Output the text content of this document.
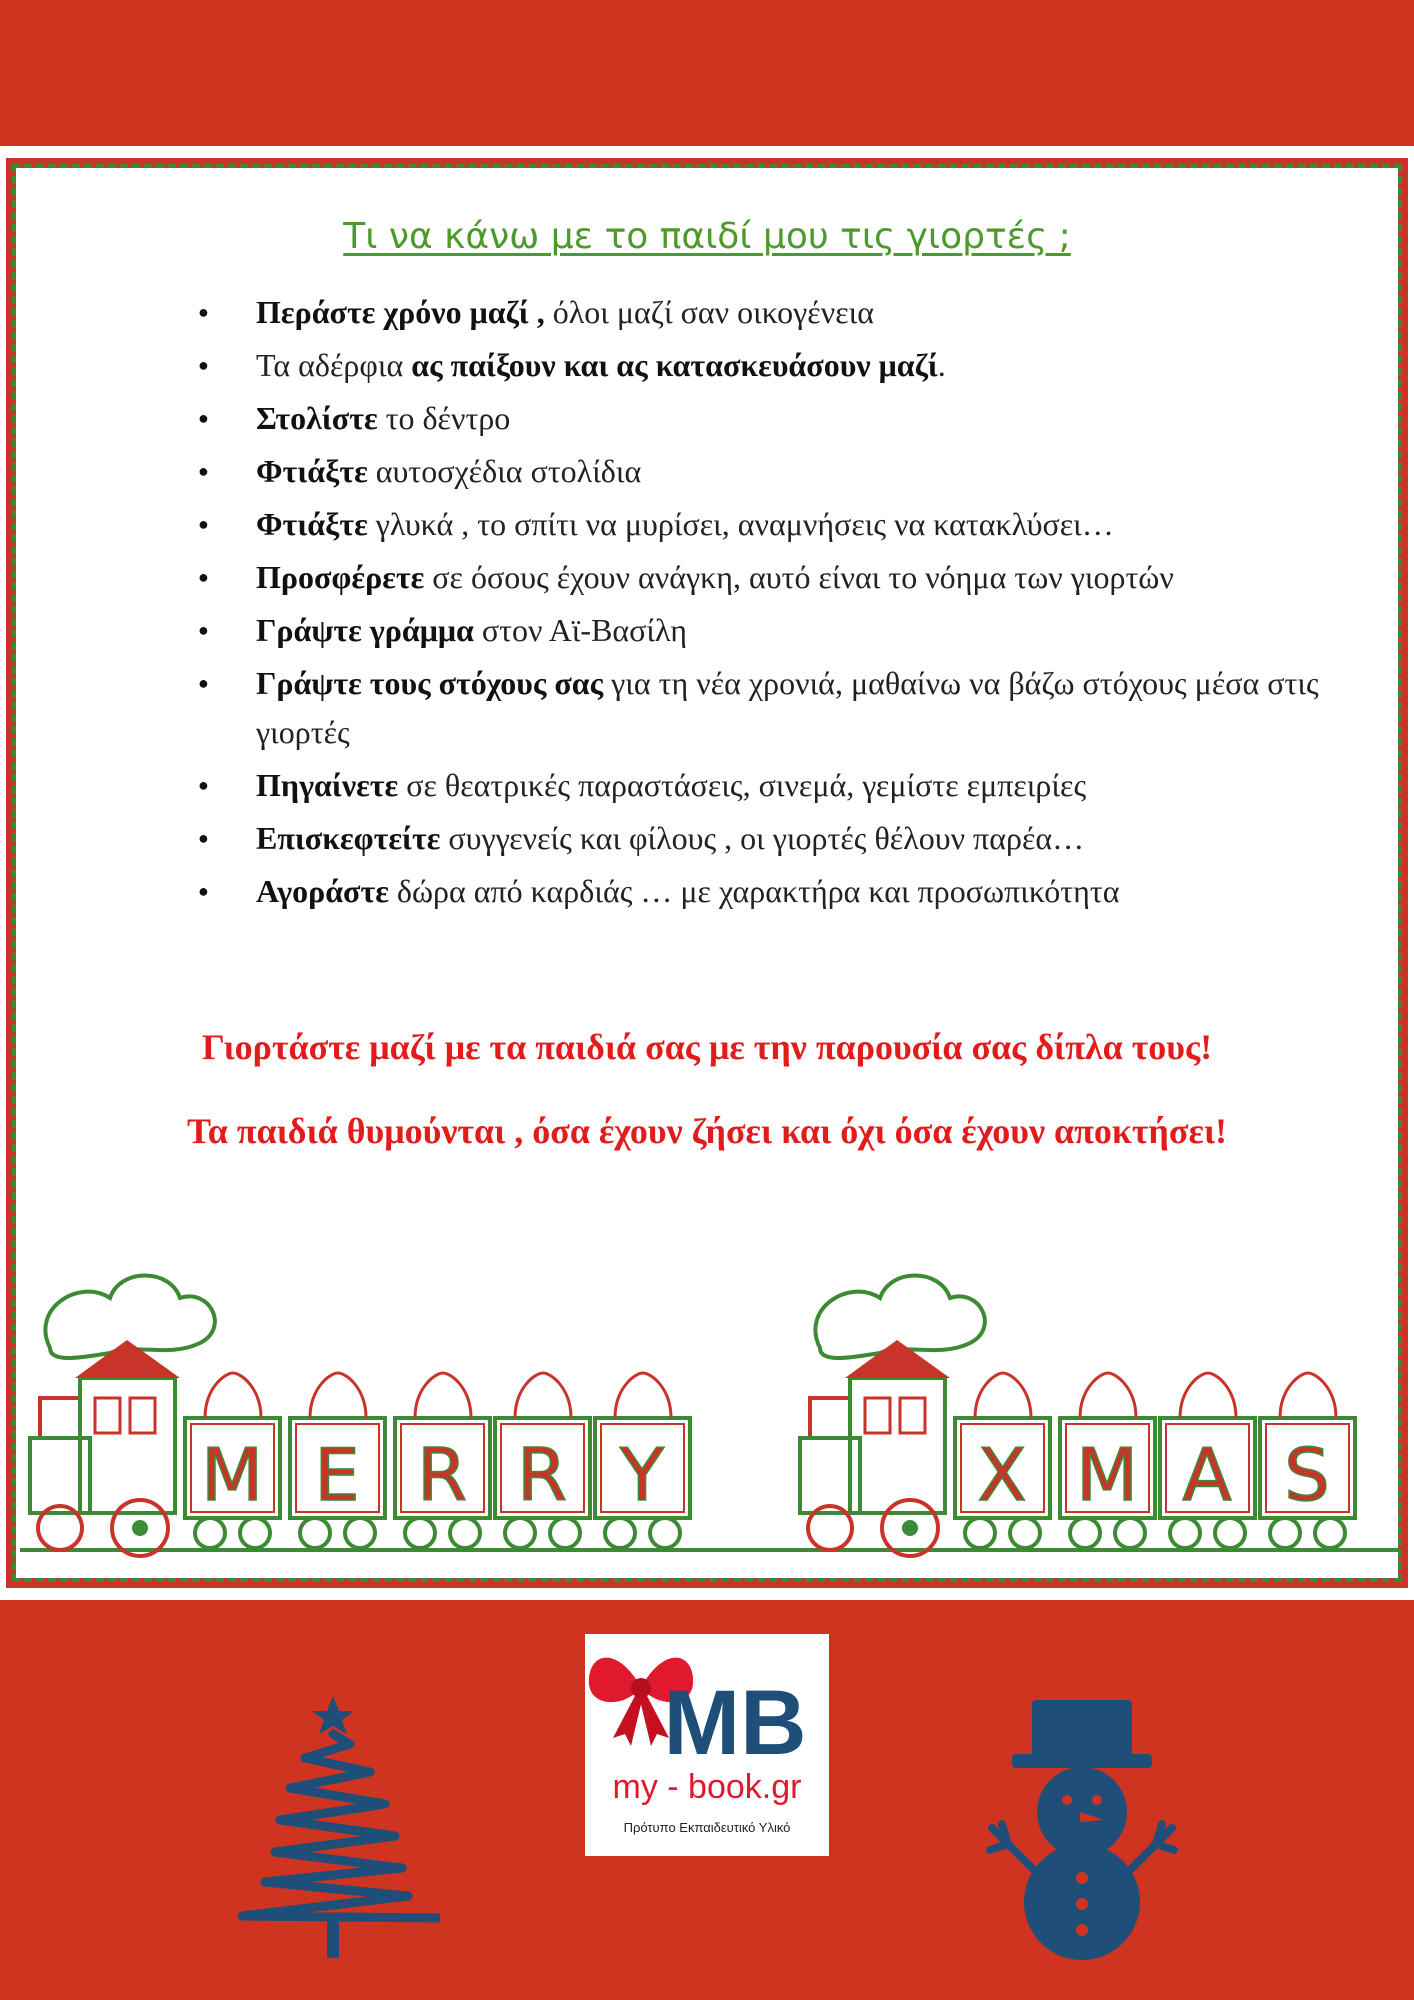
Τι να κάνω με το παιδί μου τις γιορτές ;
● Περάστε χρόνο μαζί , όλοι μαζί σαν οικογένεια
● Τα αδέρφια ας παίξουν και ας κατασκευάσουν μαζί.
● Στολίστε το δέντρο
● Φτιάξτε αυτοσχέδια στολίδια
● Φτιάξτε γλυκά , το σπίτι να μυρίσει, αναμνήσεις να κατακλύσει…
● Προσφέρετε σε όσους έχουν ανάγκη, αυτό είναι το νόημα των γιορτών
● Γράψτε γράμμα στον Αϊ-Βασίλη
● Γράψτε τους στόχους σας για τη νέα χρονιά, μαθαίνω να βάζω στόχους μέσα στις γιορτές
● Πηγαίνετε σε θεατρικές παραστάσεις, σινεμά, γεμίστε εμπειρίες
● Επισκεφτείτε συγγενείς και φίλους , οι γιορτές θέλουν παρέα…
● Αγοράστε δώρα από καρδιάς … με χαρακτήρα και προσωπικότητα
Γιορτάστε μαζί με τα παιδιά σας με την παρουσία σας δίπλα τους!
Τα παιδιά θυμούνται , όσα έχουν ζήσει και όχι όσα έχουν αποκτήσει!
M E R R Y	X M A S
MB
my - book.gr
Πρότυπο Εκπαιδευτικό Υλικό
